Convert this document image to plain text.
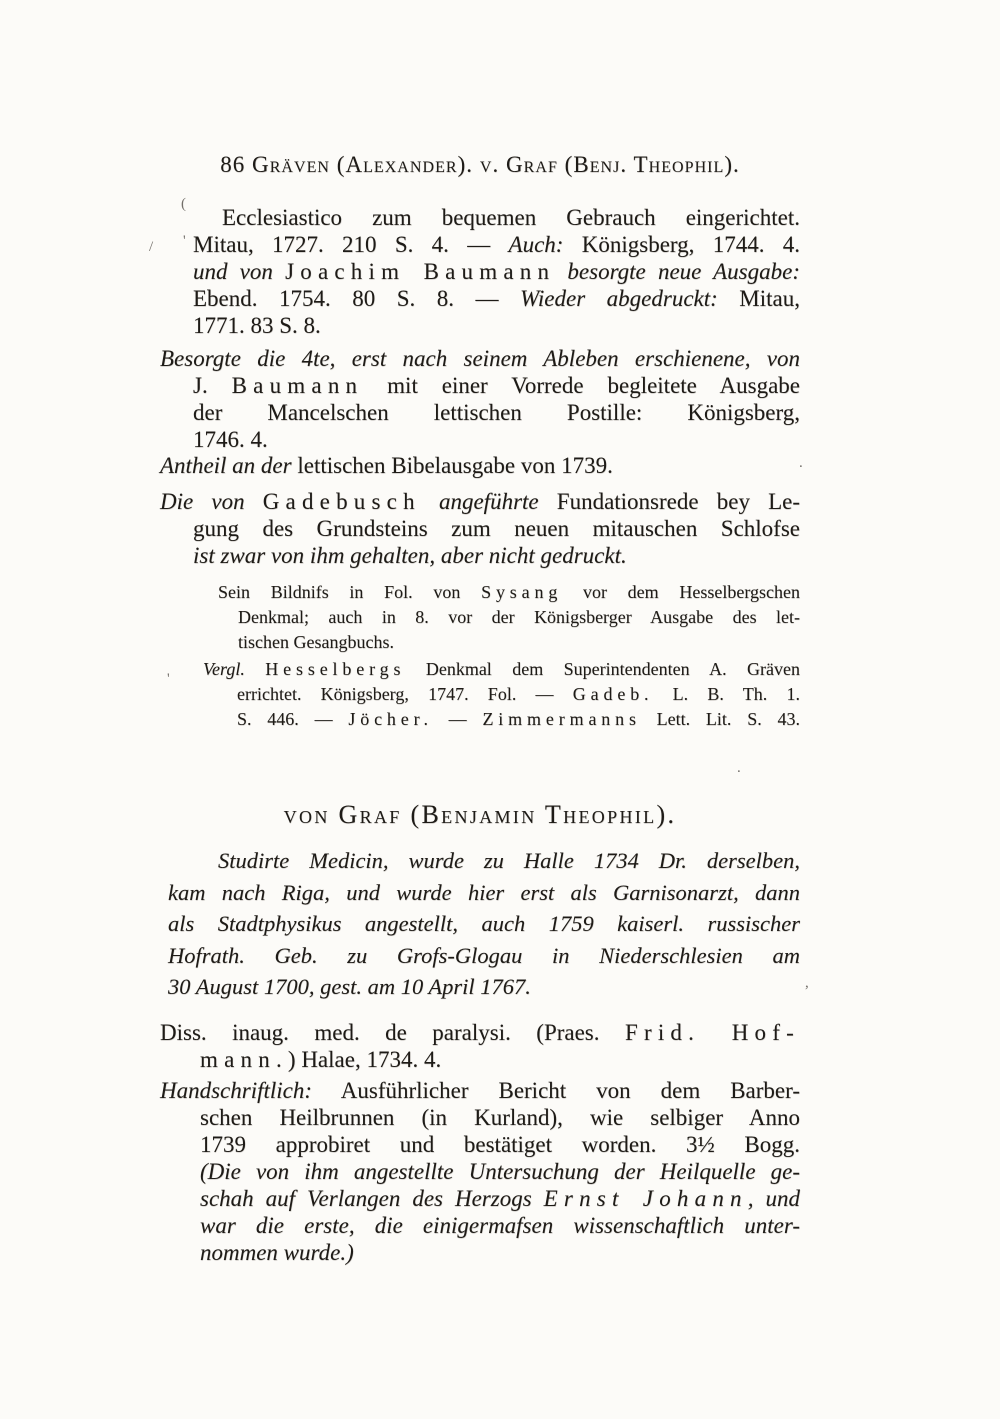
86 Gräven (Alexander). v. Graf (Benj. Theophil).
Ecclesiastico zum bequemen Gebrauch eingerichtet.
Mitau, 1727. 210 S. 4. — Auch: Königsberg, 1744. 4.
und von Joachim Baumann besorgte neue Ausgabe:
Ebend. 1754. 80 S. 8. — Wieder abgedruckt: Mitau,
1771. 83 S. 8.
Besorgte die 4te, erst nach seinem Ableben erschienene, von
J. Baumann mit einer Vorrede begleitete Ausgabe
der Mancelschen lettischen Postille: Königsberg,
1746. 4.
Antheil an der lettischen Bibelausgabe von 1739.
Die von Gadebusch angeführte Fundationsrede bey Le-
gung des Grundsteins zum neuen mitauschen Schlofse
ist zwar von ihm gehalten, aber nicht gedruckt.
Sein Bildnifs in Fol. von Sysang vor dem Hesselbergschen
Denkmal; auch in 8. vor der Königsberger Ausgabe des let-
tischen Gesangbuchs.
Vergl. Hesselbergs Denkmal dem Superintendenten A. Gräven
errichtet. Königsberg, 1747. Fol. — Gadeb. L. B. Th. 1.
S. 446. — Jöcher. — Zimmermanns Lett. Lit. S. 43.
von Graf (Benjamin Theophil).
Studirte Medicin, wurde zu Halle 1734 Dr. derselben,
kam nach Riga, und wurde hier erst als Garnisonarzt, dann
als Stadtphysikus angestellt, auch 1759 kaiserl. russischer
Hofrath. Geb. zu Grofs-Glogau in Niederschlesien am
30 August 1700, gest. am 10 April 1767.
Diss. inaug. med. de paralysi. (Praes. Frid. Hof-
mann.) Halae, 1734. 4.
Handschriftlich: Ausführlicher Bericht von dem Barber-
schen Heilbrunnen (in Kurland), wie selbiger Anno
1739 approbiret und bestätiget worden. 3½ Bogg.
(Die von ihm angestellte Untersuchung der Heilquelle ge-
schah auf Verlangen des Herzogs Ernst Johann, und
war die erste, die einigermafsen wissenschaftlich unter-
nommen wurde.)
(
'
/
'
.
.
,
